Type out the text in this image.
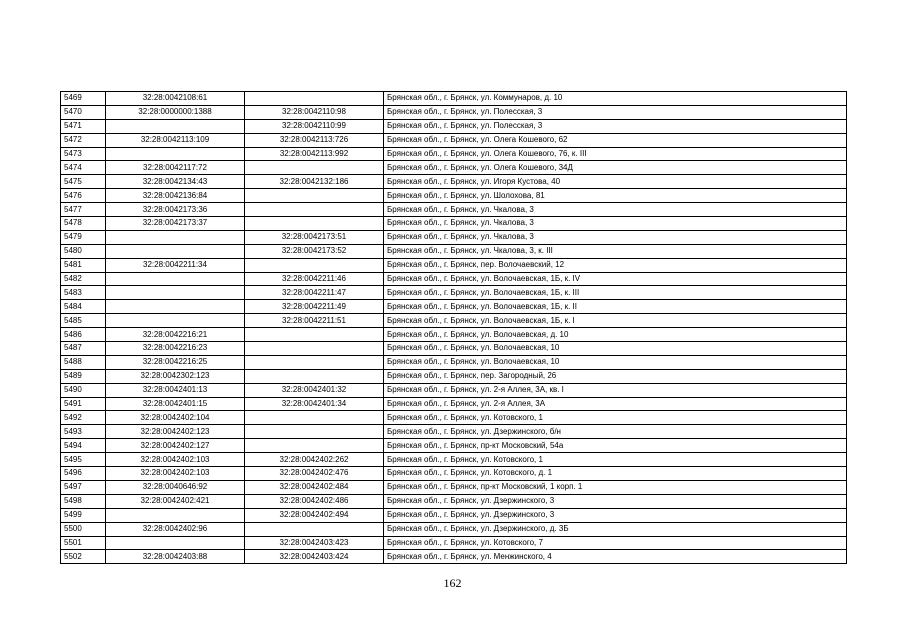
5469	32:28:0042108:61		Брянская обл., г. Брянск, ул. Коммунаров, д. 10
5470	32:28:0000000:1388	32:28:0042110:98	Брянская обл., г. Брянск, ул. Полесская, 3
5471		32:28:0042110:99	Брянская обл., г. Брянск, ул. Полесская, 3
5472	32:28:0042113:109	32:28:0042113:726	Брянская обл., г. Брянск, ул. Олега Кошевого, 62
5473		32:28:0042113:992	Брянская обл., г. Брянск, ул. Олега Кошевого, 76, к. III
5474	32:28:0042117:72		Брянская обл., г. Брянск, ул. Олега Кошевого, 34Д
5475	32:28:0042134:43	32:28:0042132:186	Брянская обл., г. Брянск, ул. Игоря Кустова, 40
5476	32:28:0042136:84		Брянская обл., г. Брянск, ул. Шолохова, 81
5477	32:28:0042173:36		Брянская обл., г. Брянск, ул. Чкалова, 3
5478	32:28:0042173:37		Брянская обл., г. Брянск, ул. Чкалова, 3
5479		32:28:0042173:51	Брянская обл., г. Брянск, ул. Чкалова, 3
5480		32:28:0042173:52	Брянская обл., г. Брянск, ул. Чкалова, 3, к. III
5481	32:28:0042211:34		Брянская обл., г. Брянск, пер. Волочаевский, 12
5482		32:28:0042211:46	Брянская обл., г. Брянск, ул. Волочаевская, 1Б, к. IV
5483		32:28:0042211:47	Брянская обл., г. Брянск, ул. Волочаевская, 1Б, к. III
5484		32:28:0042211:49	Брянская обл., г. Брянск, ул. Волочаевская, 1Б, к. II
5485		32:28:0042211:51	Брянская обл., г. Брянск, ул. Волочаевская, 1Б, к. I
5486	32:28:0042216:21		Брянская обл., г. Брянск, ул. Волочаевская, д. 10
5487	32:28:0042216:23		Брянская обл., г. Брянск, ул. Волочаевская, 10
5488	32:28:0042216:25		Брянская обл., г. Брянск, ул. Волочаевская, 10
5489	32:28:0042302:123		Брянская обл., г. Брянск, пер. Загородный, 26
5490	32:28:0042401:13	32:28:0042401:32	Брянская обл., г. Брянск, ул. 2-я Аллея, 3А, кв. I
5491	32:28:0042401:15	32:28:0042401:34	Брянская обл., г. Брянск, ул. 2-я Аллея, 3А
5492	32:28:0042402:104		Брянская обл., г. Брянск, ул. Котовского, 1
5493	32:28:0042402:123		Брянская обл., г. Брянск, ул. Дзержинского, б/н
5494	32:28:0042402:127		Брянская обл., г. Брянск, пр-кт Московский, 54а
5495	32:28:0042402:103	32:28:0042402:262	Брянская обл., г. Брянск, ул. Котовского, 1
5496	32:28:0042402:103	32:28:0042402:476	Брянская обл., г. Брянск, ул. Котовского, д. 1
5497	32:28:0040646:92	32:28:0042402:484	Брянская обл., г. Брянск, пр-кт Московский, 1 корп. 1
5498	32:28:0042402:421	32:28:0042402:486	Брянская обл., г. Брянск, ул. Дзержинского, 3
5499		32:28:0042402:494	Брянская обл., г. Брянск, ул. Дзержинского, 3
5500	32:28:0042402:96		Брянская обл., г. Брянск, ул. Дзержинского, д. 3Б
5501		32:28:0042403:423	Брянская обл., г. Брянск, ул. Котовского, 7
5502	32:28:0042403:88	32:28:0042403:424	Брянская обл., г. Брянск, ул. Менжинского, 4
162
